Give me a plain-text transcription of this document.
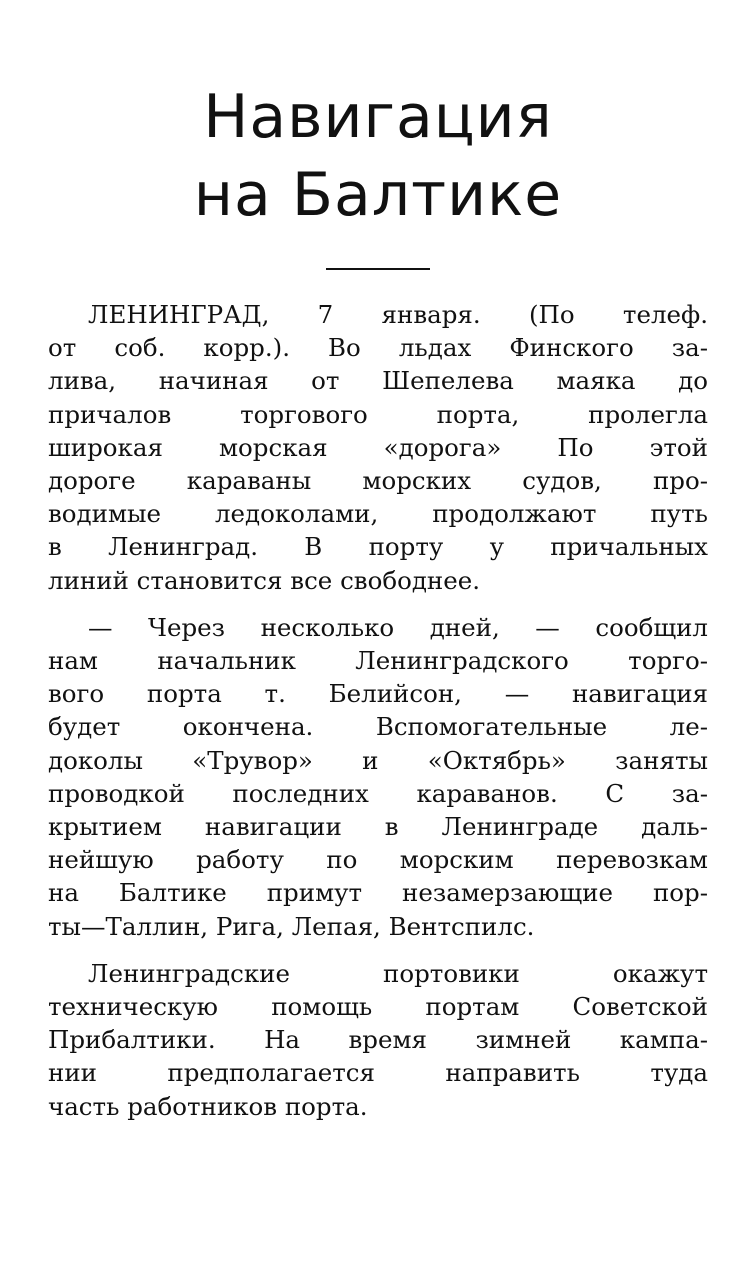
Навигация
на Балтике
ЛЕНИНГРАД, 7 января. (По телеф.
от соб. корр.). Во льдах Финского за-
лива, начиная от Шепелева маяка до
причалов торгового порта, пролегла
широкая морская «дорога» По этой
дороге караваны морских судов, про-
водимые ледоколами, продолжают путь
в Ленинград. В порту у причальных
линий становится все свободнее.
— Через несколько дней, — сообщил
нам начальник Ленинградского торго-
вого порта т. Белийсон, — навигация
будет окончена. Вспомогательные ле-
доколы «Трувор» и «Октябрь» заняты
проводкой последних караванов. С за-
крытием навигации в Ленинграде даль-
нейшую работу по морским перевозкам
на Балтике примут незамерзающие пор-
ты—Таллин, Рига, Лепая, Вентспилс.
Ленинградские портовики окажут
техническую помощь портам Советской
Прибалтики. На время зимней кампа-
нии предполагается направить туда
часть работников порта.
